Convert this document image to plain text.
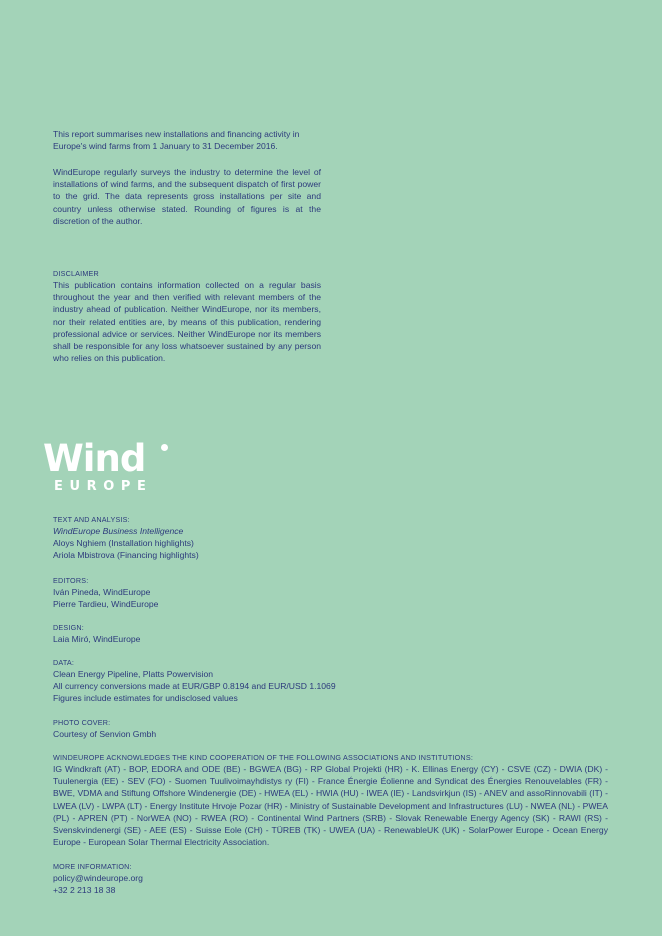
This report summarises new installations and financing activity in Europe's wind farms from 1 January to 31 December 2016.

WindEurope regularly surveys the industry to determine the level of installations of wind farms, and the subsequent dispatch of first power to the grid. The data represents gross installations per site and country unless otherwise stated. Rounding of figures is at the discretion of the author.

DISCLAIMER

This publication contains information collected on a regular basis throughout the year and then verified with relevant members of the industry ahead of publication. Neither WindEurope, nor its members, nor their related entities are, by means of this publication, rendering professional advice or services. Neither WindEurope nor its members shall be responsible for any loss whatsoever sustained by any person who relies on this publication.

Wind
EUROPE

TEXT AND ANALYSIS:

WindEurope Business Intelligence

Aloys Nghiem (Installation highlights)

Ariola Mbistrova (Financing highlights)

EDITORS:

Iván Pineda, WindEurope

Pierre Tardieu, WindEurope

DESIGN:

Laia Miró, WindEurope

DATA:

Clean Energy Pipeline, Platts Powervision

All currency conversions made at EUR/GBP 0.8194 and EUR/USD 1.1069

Figures include estimates for undisclosed values

PHOTO COVER:

Courtesy of Senvion Gmbh

WINDEUROPE ACKNOWLEDGES THE KIND COOPERATION OF THE FOLLOWING ASSOCIATIONS AND INSTITUTIONS:

IG Windkraft (AT) - BOP, EDORA and ODE (BE) - BGWEA (BG) - RP Global Projekti (HR) - K. Ellinas Energy (CY) - CSVE (CZ) - DWIA (DK) - Tuulenergia (EE) - SEV (FO) - Suomen Tuulivoimayhdistys ry (FI) - France Énergie Éolienne and Syndicat des Énergies Renouvelables (FR) - BWE, VDMA and Stiftung Offshore Windenergie (DE) - HWEA (EL) - HWIA (HU) - IWEA (IE) - Landsvirkjun (IS) - ANEV and assoRinnovabili (IT) - LWEA (LV) - LWPA (LT) - Energy Institute Hrvoje Pozar (HR) - Ministry of Sustainable Development and Infrastructures (LU) - NWEA (NL) - PWEA (PL) - APREN (PT) - NorWEA (NO) - RWEA (RO) - Continental Wind Partners (SRB) - Slovak Renewable Energy Agency (SK) - RAWI (RS) - Svenskvindenergi (SE) - AEE (ES) - Suisse Eole (CH) - TÜREB (TK) - UWEA (UA) - RenewableUK (UK) - SolarPower Europe - Ocean Energy Europe - European Solar Thermal Electricity Association.

MORE INFORMATION:

policy@windeurope.org

+32 2 213 18 38
